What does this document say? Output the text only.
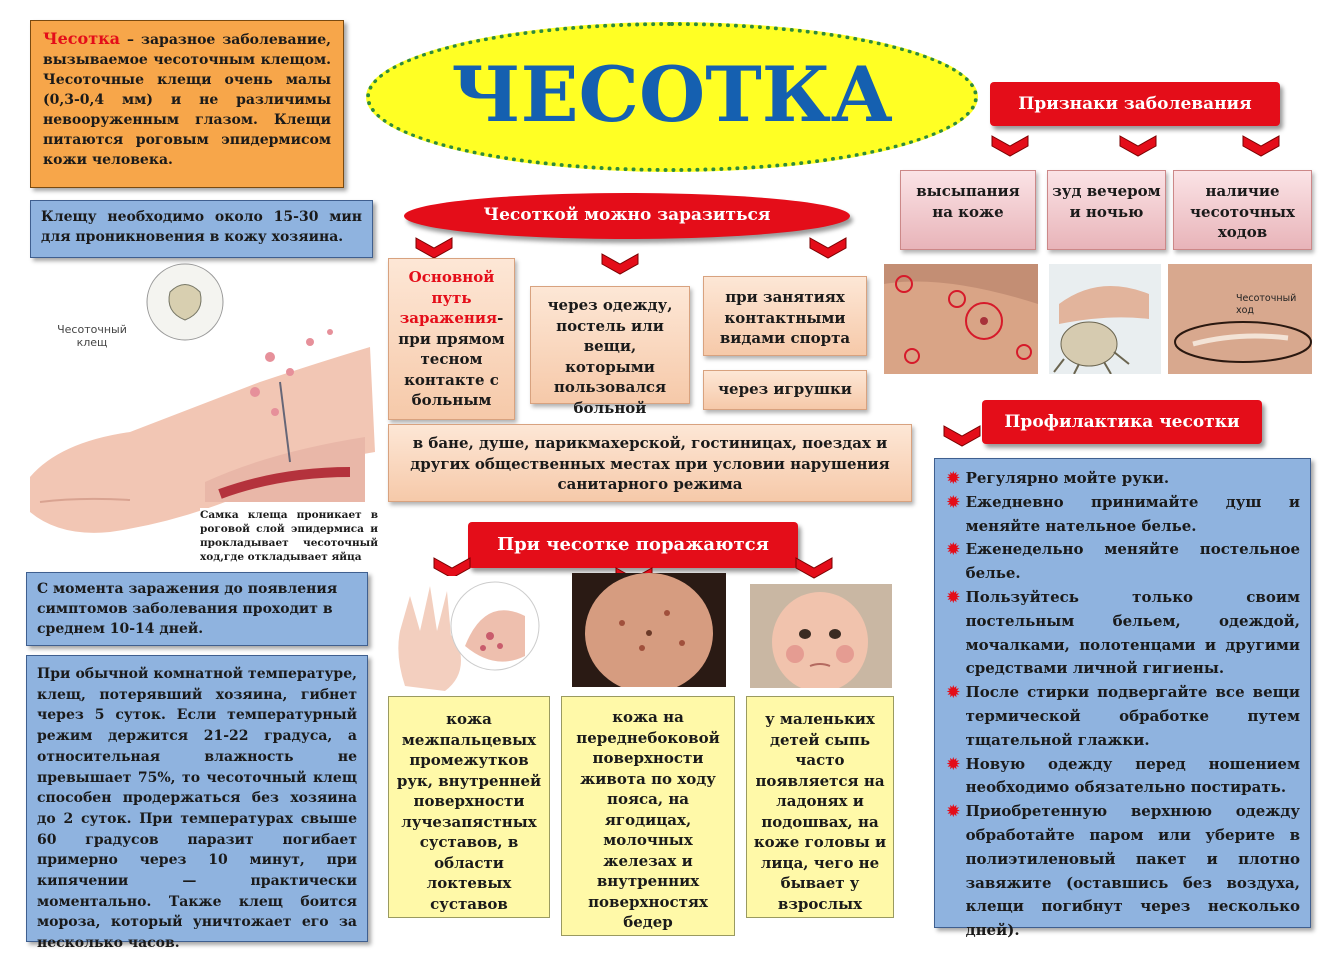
Чесотка – заразное заболевание, вызываемое чесоточным клещом. Чесоточные клещи очень малы (0,3-0,4 мм) и не различимы невооруженным глазом. Клещи питаются роговым эпидермисом кожи человека.
ЧЕСОТКА
Клещу необходимо около 15-30 мин для проникновения в кожу хозяина.
Чесоточный клещ
Самка клеща проникает в роговой слой эпидермиса и прокладывает чесоточный ход,где откладывает яйца
С момента заражения до появления симптомов заболевания проходит в среднем 10-14 дней.
При обычной комнатной температуре, клещ, потерявший хозяина, гибнет через 5 суток. Если температурный режим держится 21-22 градуса, а относительная влажность не превышает 75%, то чесоточный клещ способен продержаться без хозяина до 2 суток. При температурах свыше 60 градусов паразит погибает примерно через 10 минут, при кипячении — практически моментально. Также клещ боится мороза, который уничтожает его за несколько часов.
Чесоткой можно заразиться
Основной путь заражения-при прямом тесном контакте с больным
через одежду, постель или вещи, которыми пользовался больной
при занятиях контактными видами спорта
через игрушки
в бане, душе, парикмахерской, гостиницах, поездах и других общественных местах при условии нарушения санитарного режима
При чесотке поражаются
кожа межпальцевых промежутков рук, внутренней поверхности лучезапястных суставов, в области локтевых суставов
кожа на переднебоковой поверхности живота по ходу пояса, на ягодицах, молочных железах и внутренних поверхностях бедер
у маленьких детей сыпь часто появляется на ладонях и подошвах, на коже головы и лица, чего не бывает у взрослых
Признаки заболевания
высыпания на коже
зуд вечером и ночью
наличие чесоточных ходов
Чесоточный ход
Профилактика чесотки
✹ Регулярно мойте руки.
✹ Ежедневно принимайте душ и меняйте нательное белье.
✹ Еженедельно меняйте постельное белье.
✹ Пользуйтесь только своим постельным бельем, одеждой, мочалками, полотенцами и другими средствами личной гигиены.
✹ После стирки подвергайте все вещи термической обработке путем тщательной глажки.
✹ Новую одежду перед ношением необходимо обязательно постирать.
✹ Приобретенную верхнюю одежду обработайте паром или уберите в полиэтиленовый пакет и плотно завяжите (оставшись без воздуха, клещи погибнут через несколько дней).
